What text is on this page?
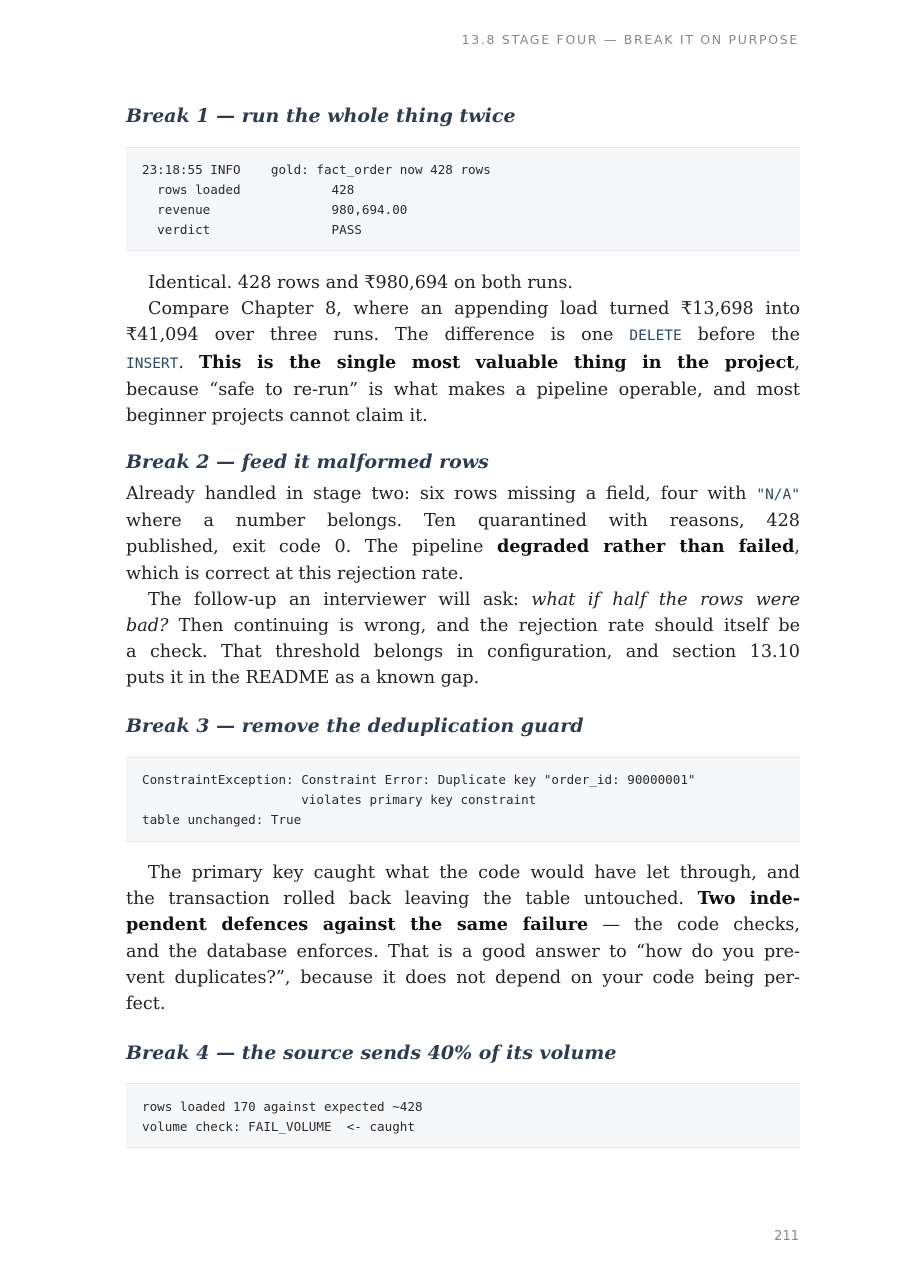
13.8 STAGE FOUR — BREAK IT ON PURPOSE
Break 1 — run the whole thing twice
23:18:55 INFO    gold: fact_order now 428 rows
rows loaded            428
revenue                980,694.00
verdict                PASS

Identical. 428 rows and ₹980,694 on both runs.

Compare Chapter 8, where an appending load turned ₹13,698 into
₹41,094 over three runs. The difference is one DELETE before the
INSERT. This is the single most valuable thing in the project,
because “safe to re-run” is what makes a pipeline operable, and most
beginner projects cannot claim it.

Break 2 — feed it malformed rows

Already handled in stage two: six rows missing a field, four with "N/A"
where a number belongs. Ten quarantined with reasons, 428
published, exit code 0. The pipeline degraded rather than failed,
which is correct at this rejection rate.

The follow-up an interviewer will ask: what if half the rows were
bad? Then continuing is wrong, and the rejection rate should itself be
a check. That threshold belongs in configuration, and section 13.10
puts it in the README as a known gap.

Break 3 — remove the deduplication guard
ConstraintException: Constraint Error: Duplicate key "order_id: 90000001"
violates primary key constraint
table unchanged: True

The primary key caught what the code would have let through, and
the transaction rolled back leaving the table untouched. Two inde-
pendent defences against the same failure — the code checks,
and the database enforces. That is a good answer to “how do you pre-
vent duplicates?”, because it does not depend on your code being per-
fect.

Break 4 — the source sends 40% of its volume
rows loaded 170 against expected ~428
volume check: FAIL_VOLUME  <- caught
211
